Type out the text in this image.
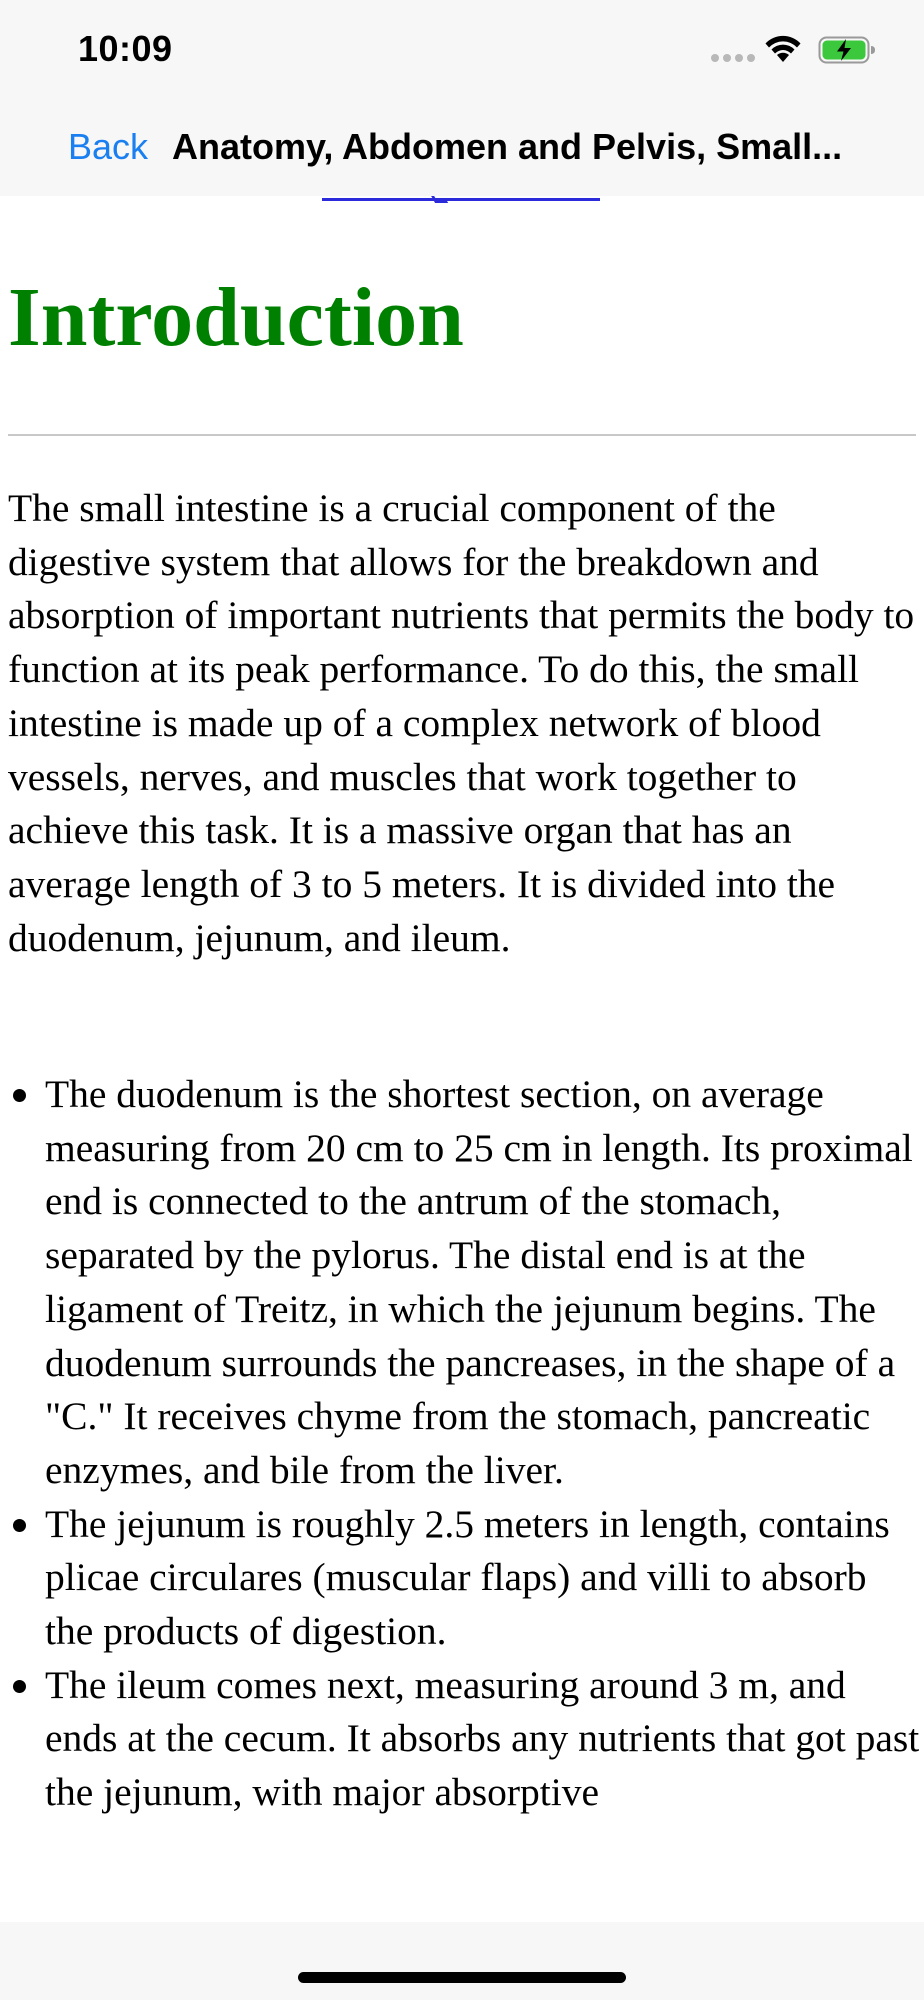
10:09
Back Anatomy, Abdomen and Pelvis, Small...
Introduction

The small intestine is a crucial component of the digestive system that allows for the breakdown and absorption of important nutrients that permits the body to function at its peak performance. To do this, the small intestine is made up of a complex network of blood vessels, nerves, and muscles that work together to achieve this task. It is a massive organ that has an average length of 3 to 5 meters. It is divided into the duodenum, jejunum, and ileum.

The duodenum is the shortest section, on average measuring from 20 cm to 25 cm in length. Its proximal end is connected to the antrum of the stomach, separated by the pylorus. The distal end is at the ligament of Treitz, in which the jejunum begins. The duodenum surrounds the pancreases, in the shape of a "C." It receives chyme from the stomach, pancreatic enzymes, and bile from the liver.
The jejunum is roughly 2.5 meters in length, contains plicae circulares (muscular flaps) and villi to absorb the products of digestion.
The ileum comes next, measuring around 3 m, and ends at the cecum. It absorbs any nutrients that got past the jejunum, with major absorptive
